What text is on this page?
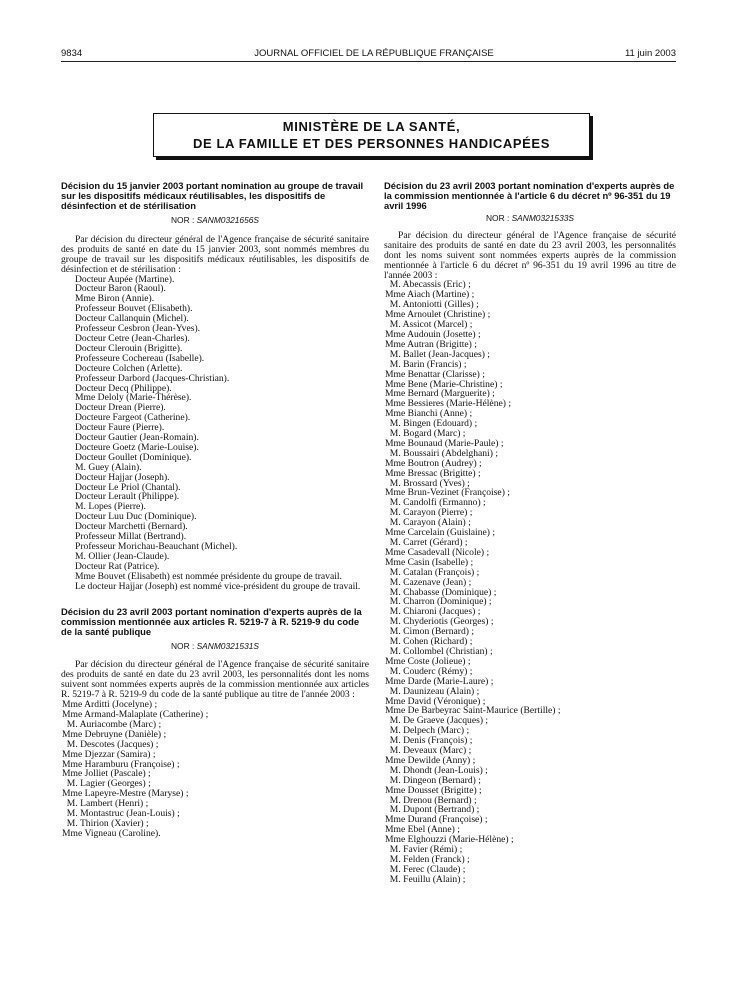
9834	JOURNAL OFFICIEL DE LA RÉPUBLIQUE FRANÇAISE	11 juin 2003
MINISTÈRE DE LA SANTÉ,
DE LA FAMILLE ET DES PERSONNES HANDICAPÉES
Décision du 15 janvier 2003 portant nomination au groupe de travail sur les dispositifs médicaux réutilisables, les dispositifs de désinfection et de stérilisation
NOR : SANM0321656S

Par décision du directeur général de l'Agence française de sécurité sanitaire des produits de santé en date du 15 janvier 2003, sont nommés membres du groupe de travail sur les dispositifs médicaux réutilisables, les dispositifs de désinfection et de stérilisation :

Docteur Aupée (Martine).
Docteur Baron (Raoul).
Mme Biron (Annie).
Professeur Bouvet (Elisabeth).
Docteur Callanquin (Michel).
Professeur Cesbron (Jean-Yves).
Docteur Cetre (Jean-Charles).
Docteur Clerouin (Brigitte).
Professeure Cochereau (Isabelle).
Docteure Colchen (Arlette).
Professeur Darbord (Jacques-Christian).
Docteur Decq (Philippe).
Mme Deloly (Marie-Thérèse).
Docteur Drean (Pierre).
Docteure Fargeot (Catherine).
Docteur Faure (Pierre).
Docteur Gautier (Jean-Romain).
Docteure Goetz (Marie-Louise).
Docteur Goullet (Dominique).
M. Guey (Alain).
Docteur Hajjar (Joseph).
Docteur Le Priol (Chantal).
Docteur Lerault (Philippe).
M. Lopes (Pierre).
Docteur Luu Duc (Dominique).
Docteur Marchetti (Bernard).
Professeur Millat (Bertrand).
Professeur Morichau-Beauchant (Michel).
M. Ollier (Jean-Claude).
Docteur Rat (Patrice).

Mme Bouvet (Elisabeth) est nommée présidente du groupe de travail.

Le docteur Hajjar (Joseph) est nommé vice-président du groupe de travail.

Décision du 23 avril 2003 portant nomination d'experts auprès de la commission mentionnée aux articles R. 5219-7 à R. 5219-9 du code de la santé publique
NOR : SANM0321531S

Par décision du directeur général de l'Agence française de sécurité sanitaire des produits de santé en date du 23 avril 2003, les personnalités dont les noms suivent sont nommées experts auprès de la commission mentionnée aux articles R. 5219-7 à R. 5219-9 du code de la santé publique au titre de l'année 2003 :

Mme Arditti (Jocelyne) ;
Mme Armand-Malaplate (Catherine) ;
M. Auriacombe (Marc) ;
Mme Debruyne (Danièle) ;
M. Descotes (Jacques) ;
Mme Djezzar (Samira) ;
Mme Haramburu (Françoise) ;
Mme Jolliet (Pascale) ;
M. Lagier (Georges) ;
Mme Lapeyre-Mestre (Maryse) ;
M. Lambert (Henri) ;
M. Montastruc (Jean-Louis) ;
M. Thirion (Xavier) ;
Mme Vigneau (Caroline).
Décision du 23 avril 2003 portant nomination d'experts auprès de la commission mentionnée à l'article 6 du décret nº 96-351 du 19 avril 1996
NOR : SANM0321533S

Par décision du directeur général de l'Agence française de sécurité sanitaire des produits de santé en date du 23 avril 2003, les personnalités dont les noms suivent sont nommées experts auprès de la commission mentionnée à l'article 6 du décret nº 96-351 du 19 avril 1996 au titre de l'année 2003 :

M. Abecassis (Eric) ;
Mme Aiach (Martine) ;
M. Antoniotti (Gilles) ;
Mme Arnoulet (Christine) ;
M. Assicot (Marcel) ;
Mme Audouin (Josette) ;
Mme Autran (Brigitte) ;
M. Ballet (Jean-Jacques) ;
M. Barin (Francis) ;
Mme Benattar (Clarisse) ;
Mme Bene (Marie-Christine) ;
Mme Bernard (Marguerite) ;
Mme Bessieres (Marie-Hélène) ;
Mme Bianchi (Anne) ;
M. Bingen (Edouard) ;
M. Bogard (Marc) ;
Mme Bounaud (Marie-Paule) ;
M. Boussairi (Abdelghani) ;
Mme Boutron (Audrey) ;
Mme Bressac (Brigitte) ;
M. Brossard (Yves) ;
Mme Brun-Vezinet (Françoise) ;
M. Candolfi (Ermanno) ;
M. Carayon (Pierre) ;
M. Carayon (Alain) ;
Mme Carcelain (Guislaine) ;
M. Carret (Gérard) ;
Mme Casadevall (Nicole) ;
Mme Casin (Isabelle) ;
M. Catalan (François) ;
M. Cazenave (Jean) ;
M. Chabasse (Dominique) ;
M. Charron (Dominique) ;
M. Chiaroni (Jacques) ;
M. Chyderiotis (Georges) ;
M. Cimon (Bernard) ;
M. Cohen (Richard) ;
M. Collombel (Christian) ;
Mme Coste (Jolieue) ;
M. Couderc (Rémy) ;
Mme Darde (Marie-Laure) ;
M. Daunizeau (Alain) ;
Mme David (Véronique) ;
Mme De Barbeyrac Saint-Maurice (Bertille) ;
M. De Graeve (Jacques) ;
M. Delpech (Marc) ;
M. Denis (François) ;
M. Deveaux (Marc) ;
Mme Dewilde (Anny) ;
M. Dhondt (Jean-Louis) ;
M. Dingeon (Bernard) ;
Mme Dousset (Brigitte) ;
M. Drenou (Bernard) ;
M. Dupont (Bertrand) ;
Mme Durand (Françoise) ;
Mme Ebel (Anne) ;
Mme Elghouzzi (Marie-Hélène) ;
M. Favier (Rémi) ;
M. Felden (Franck) ;
M. Ferec (Claude) ;
M. Feuillu (Alain) ;
